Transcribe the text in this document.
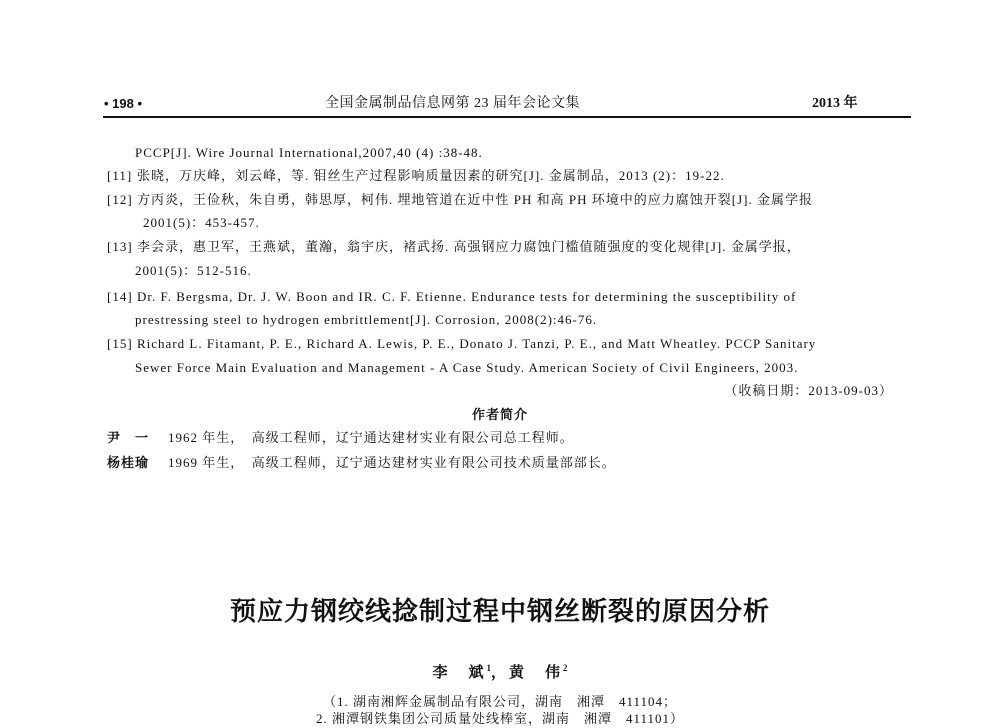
• 198 •	全国金属制品信息网第 23 届年会论文集	2013 年
PCCP[J]. Wire Journal International,2007,40 (4) :38-48.
[11] 张晓，万庆峰，刘云峰，等. 钼丝生产过程影响质量因素的研究[J]. 金属制品，2013 (2)：19-22.
[12] 方丙炎，王俭秋，朱自勇，韩思厚，柯伟. 埋地管道在近中性 PH 和高 PH 环境中的应力腐蚀开裂[J]. 金属学报
2001(5)：453-457.
[13] 李会录，惠卫军，王燕斌，董瀚，翁宇庆，褚武扬. 高强钢应力腐蚀门槛值随强度的变化规律[J]. 金属学报，
2001(5)：512-516.
[14] Dr. F. Bergsma, Dr. J. W. Boon and IR. C. F. Etienne. Endurance tests for determining the susceptibility of
prestressing steel to hydrogen embrittlement[J]. Corrosion, 2008(2):46-76.
[15] Richard L. Fitamant, P. E., Richard A. Lewis, P. E., Donato J. Tanzi, P. E., and Matt Wheatley. PCCP Sanitary
Sewer Force Main Evaluation and Management - A Case Study. American Society of Civil Engineers, 2003.
（收稿日期：2013-09-03）
作者简介
尹　一 1962 年生，　高级工程师，辽宁通达建材实业有限公司总工程师。
杨桂瑜 1969 年生，　高级工程师，辽宁通达建材实业有限公司技术质量部部长。
预应力钢绞线捻制过程中钢丝断裂的原因分析
李　斌$^1$，黄　伟$^2$
（1. 湖南湘辉金属制品有限公司，湖南　湘潭　411104；
2. 湘潭钢铁集团公司质量处线棒室，湖南　湘潭　411101）
